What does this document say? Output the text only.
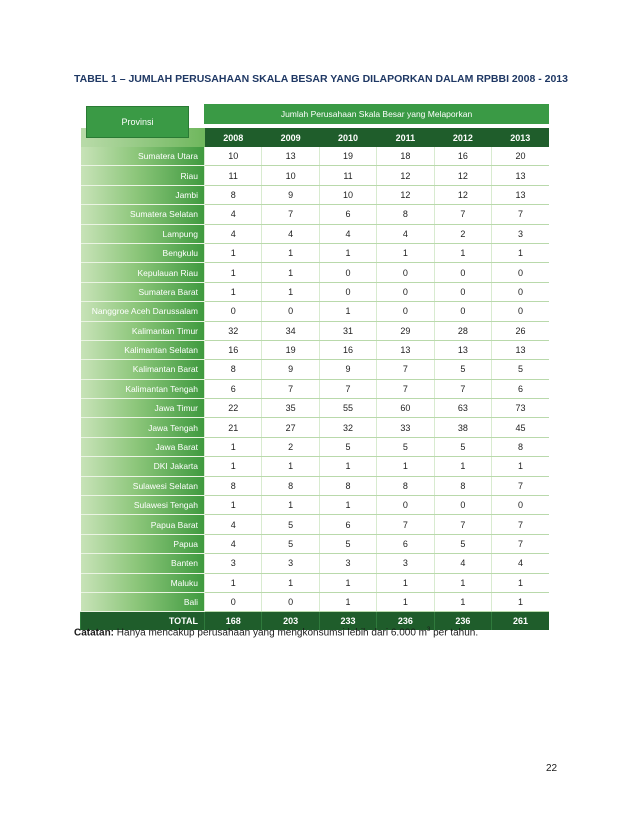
TABEL 1 – JUMLAH PERUSAHAAN SKALA BESAR YANG DILAPORKAN DALAM RPBBI 2008 - 2013
Provinsi
Jumlah Perusahaan Skala Besar yang Melaporkan
	2008	2009	2010	2011	2012	2013
Sumatera Utara	10	13	19	18	16	20
Riau	11	10	11	12	12	13
Jambi	8	9	10	12	12	13
Sumatera Selatan	4	7	6	8	7	7
Lampung	4	4	4	4	2	3
Bengkulu	1	1	1	1	1	1
Kepulauan Riau	1	1	0	0	0	0
Sumatera Barat	1	1	0	0	0	0
Nanggroe Aceh Darussalam	0	0	1	0	0	0
Kalimantan Timur	32	34	31	29	28	26
Kalimantan Selatan	16	19	16	13	13	13
Kalimantan Barat	8	9	9	7	5	5
Kalimantan Tengah	6	7	7	7	7	6
Jawa Timur	22	35	55	60	63	73
Jawa Tengah	21	27	32	33	38	45
Jawa Barat	1	2	5	5	5	8
DKI Jakarta	1	1	1	1	1	1
Sulawesi Selatan	8	8	8	8	8	7
Sulawesi Tengah	1	1	1	0	0	0
Papua Barat	4	5	6	7	7	7
Papua	4	5	5	6	5	7
Banten	3	3	3	3	4	4
Maluku	1	1	1	1	1	1
Bali	0	0	1	1	1	1
TOTAL	168	203	233	236	236	261
Catatan: Hanya mencakup perusahaan yang mengkonsumsi lebih dari 6.000 $m^3$ per tahun.
22
